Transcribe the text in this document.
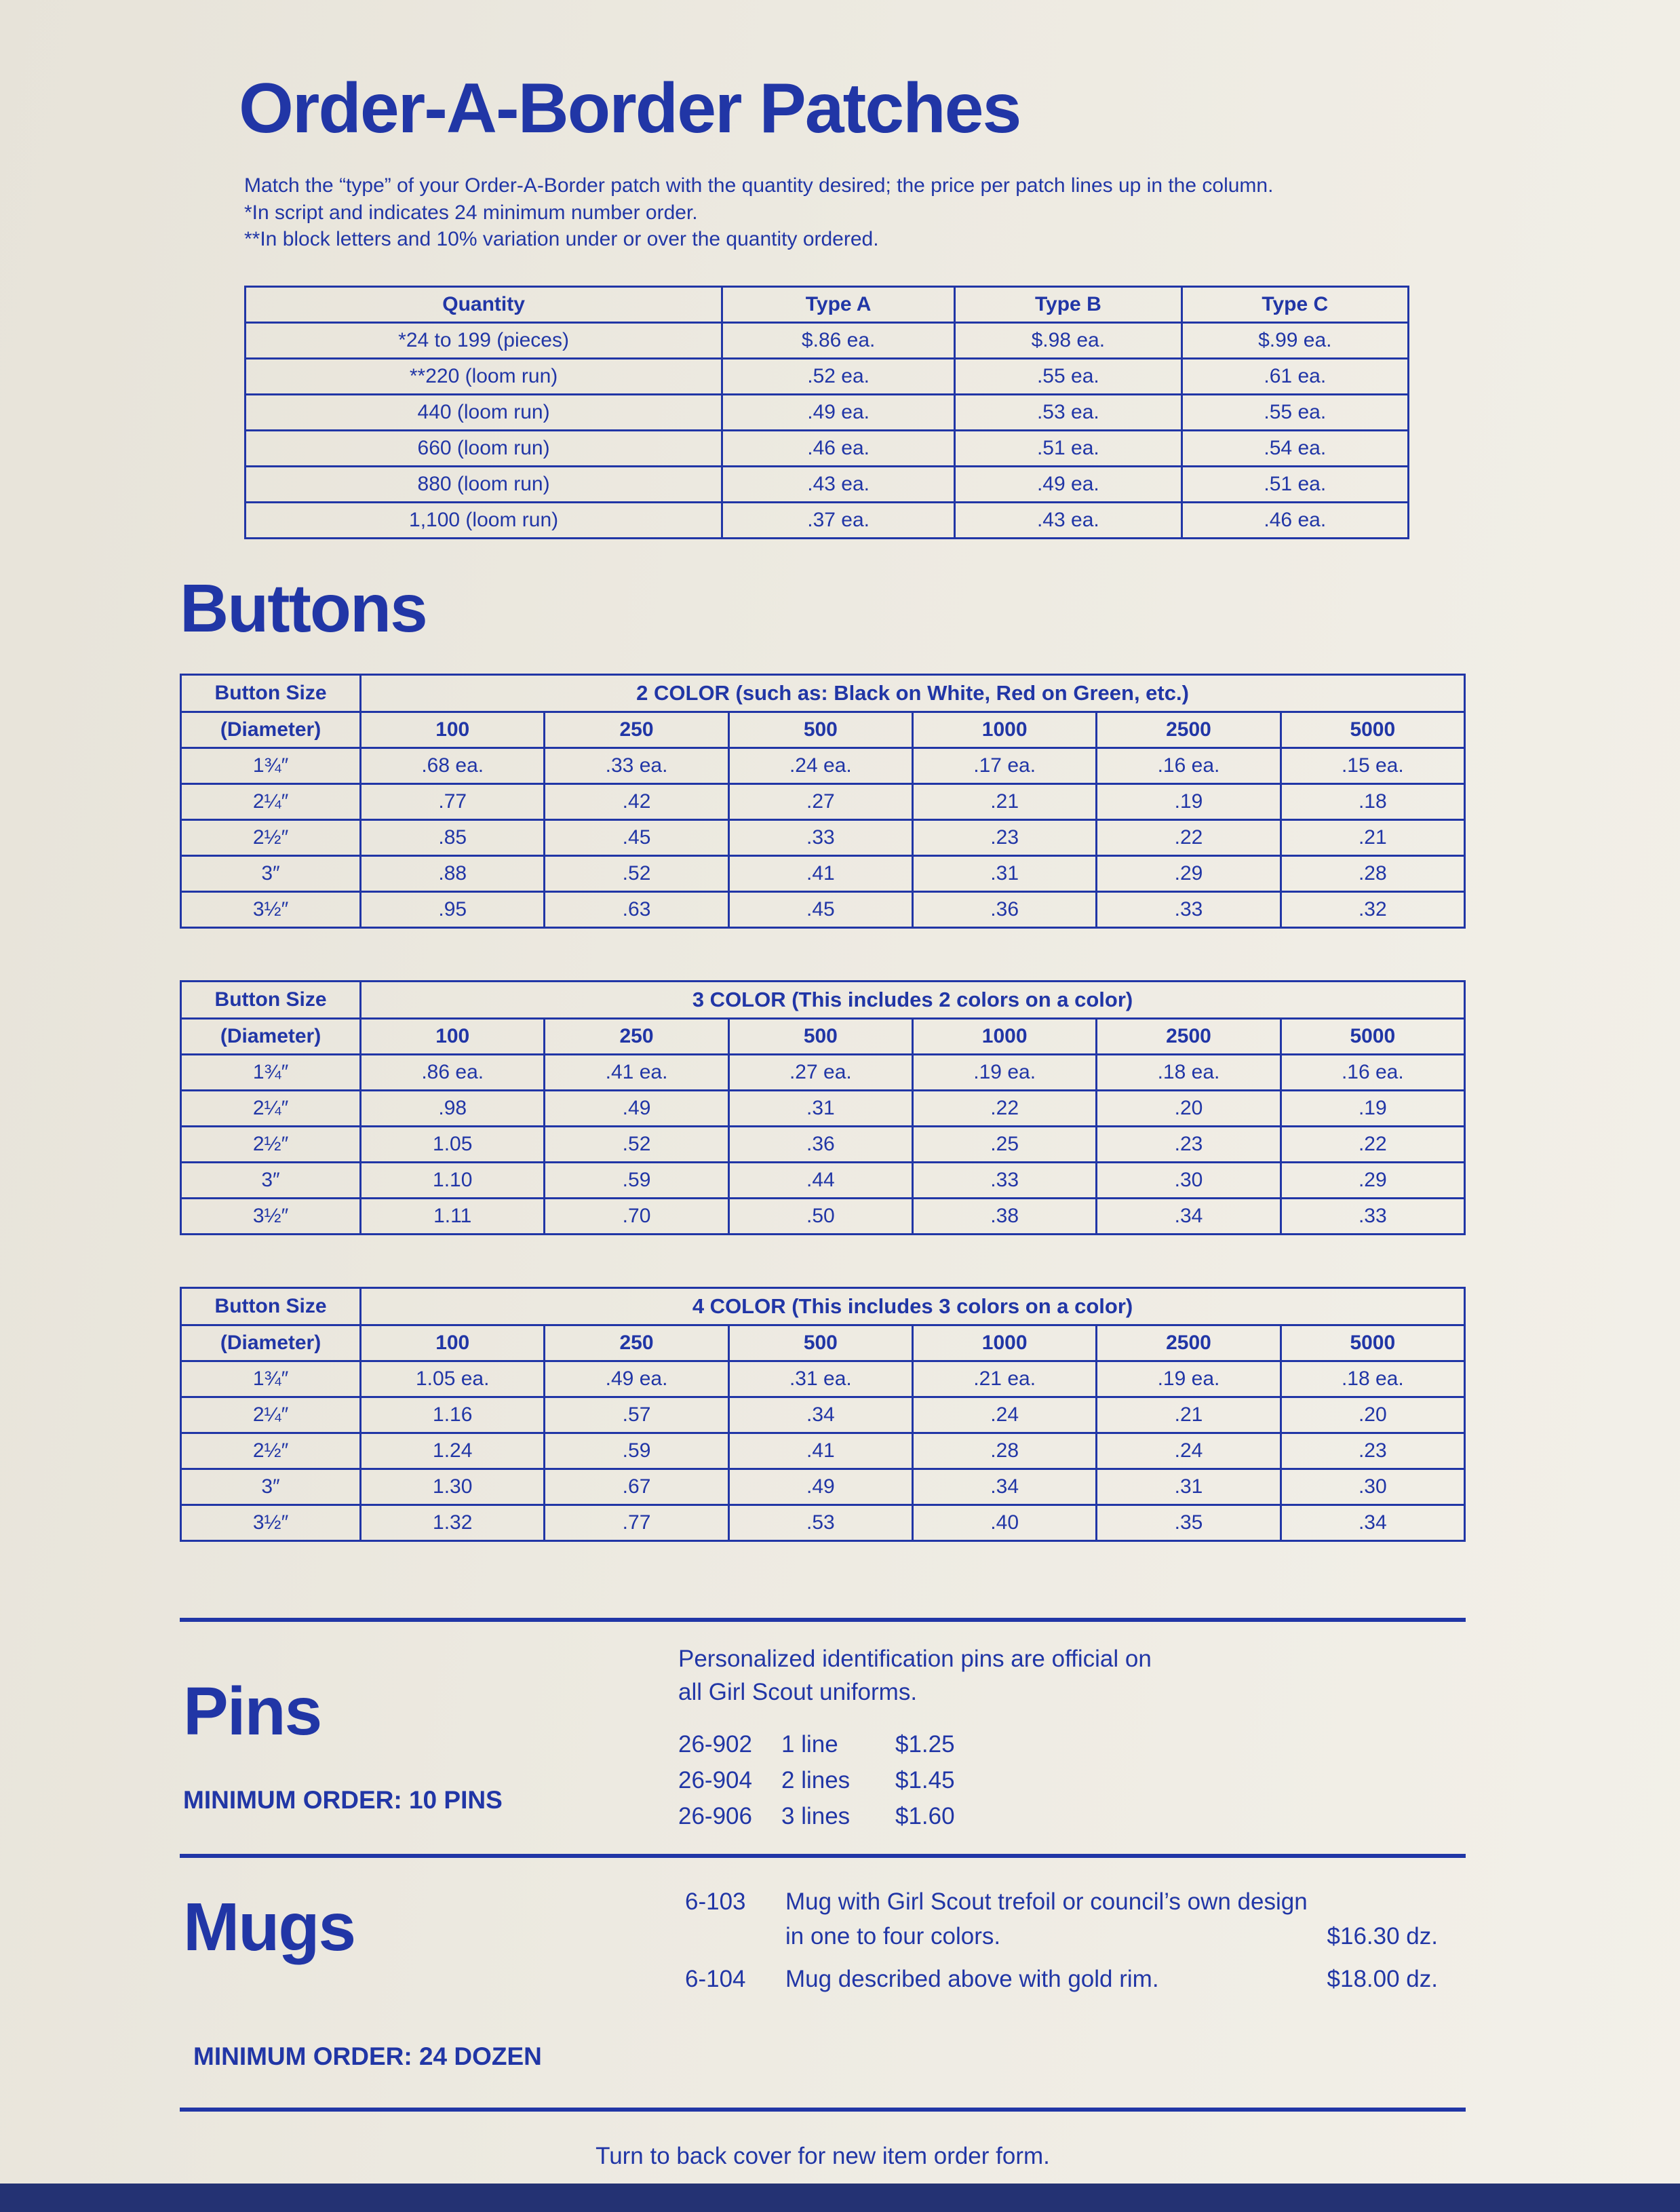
Order-A-Border Patches
Match the “type” of your Order-A-Border patch with the quantity desired; the price per patch lines up in the column.
*In script and indicates 24 minimum number order.
**In block letters and 10% variation under or over the quantity ordered.
Quantity	Type A	Type B	Type C
*24 to 199 (pieces)	$.86 ea.	$.98 ea.	$.99 ea.
**220 (loom run)	.52 ea.	.55 ea.	.61 ea.
440 (loom run)	.49 ea.	.53 ea.	.55 ea.
660 (loom run)	.46 ea.	.51 ea.	.54 ea.
880 (loom run)	.43 ea.	.49 ea.	.51 ea.
1,100 (loom run)	.37 ea.	.43 ea.	.46 ea.
Buttons
Button Size	2 COLOR (such as: Black on White, Red on Green, etc.)					
(Diameter)	100	250	500	1000	2500	5000
1¾″	.68 ea.	.33 ea.	.24 ea.	.17 ea.	.16 ea.	.15 ea.
2¼″	.77	.42	.27	.21	.19	.18
2½″	.85	.45	.33	.23	.22	.21
3″	.88	.52	.41	.31	.29	.28
3½″	.95	.63	.45	.36	.33	.32
Button Size	3 COLOR (This includes 2 colors on a color)					
(Diameter)	100	250	500	1000	2500	5000
1¾″	.86 ea.	.41 ea.	.27 ea.	.19 ea.	.18 ea.	.16 ea.
2¼″	.98	.49	.31	.22	.20	.19
2½″	1.05	.52	.36	.25	.23	.22
3″	1.10	.59	.44	.33	.30	.29
3½″	1.11	.70	.50	.38	.34	.33
Button Size	4 COLOR (This includes 3 colors on a color)					
(Diameter)	100	250	500	1000	2500	5000
1¾″	1.05 ea.	.49 ea.	.31 ea.	.21 ea.	.19 ea.	.18 ea.
2¼″	1.16	.57	.34	.24	.21	.20
2½″	1.24	.59	.41	.28	.24	.23
3″	1.30	.67	.49	.34	.31	.30
3½″	1.32	.77	.53	.40	.35	.34
Pins
MINIMUM ORDER: 10 PINS

Personalized identification pins are official on all Girl Scout uniforms.

26-902	1 line	$1.25
26-904	2 lines	$1.45
26-906	3 lines	$1.60
Mugs	6-103	Mug with Girl Scout trefoil or council’s own design in one to four colors.	$16.30 dz.
6-104	Mug described above with gold rim.	$18.00 dz.
MINIMUM ORDER: 24 DOZEN
Turn to back cover for new item order form.
